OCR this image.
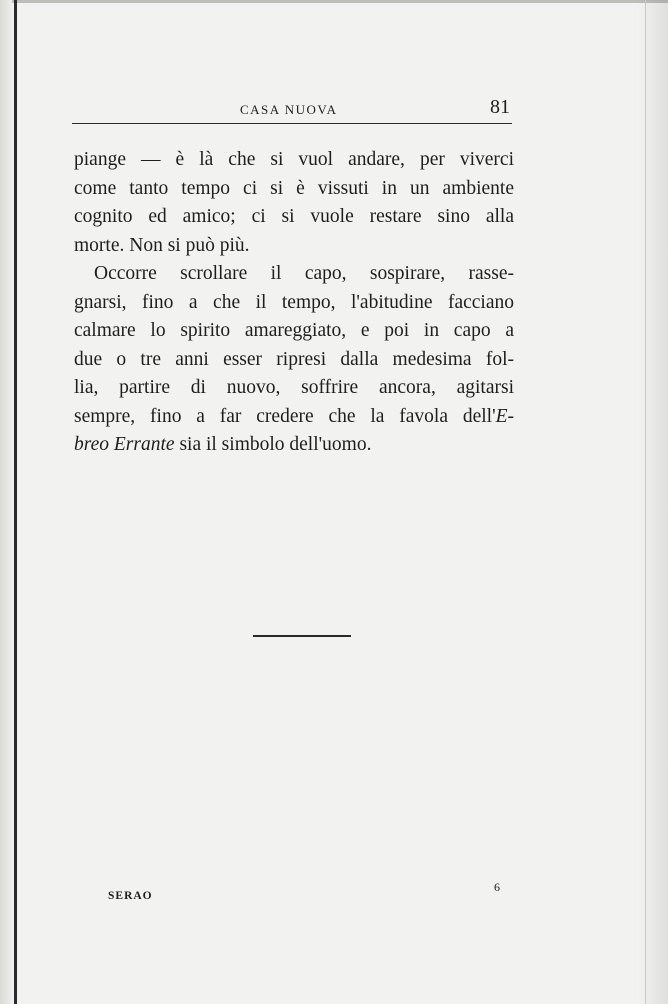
CASA NUOVA	81
piange — è là che si vuol andare, per viverci
come tanto tempo ci si è vissuti in un ambiente
cognito ed amico; ci si vuole restare sino alla
morte. Non si può più.
Occorre scrollare il capo, sospirare, rasse-
gnarsi, fino a che il tempo, l'abitudine facciano
calmare lo spirito amareggiato, e poi in capo a
due o tre anni esser ripresi dalla medesima fol-
lia, partire di nuovo, soffrire ancora, agitarsi
sempre, fino a far credere che la favola dell'E-
breo Errante sia il simbolo dell'uomo.
SERAO
6
